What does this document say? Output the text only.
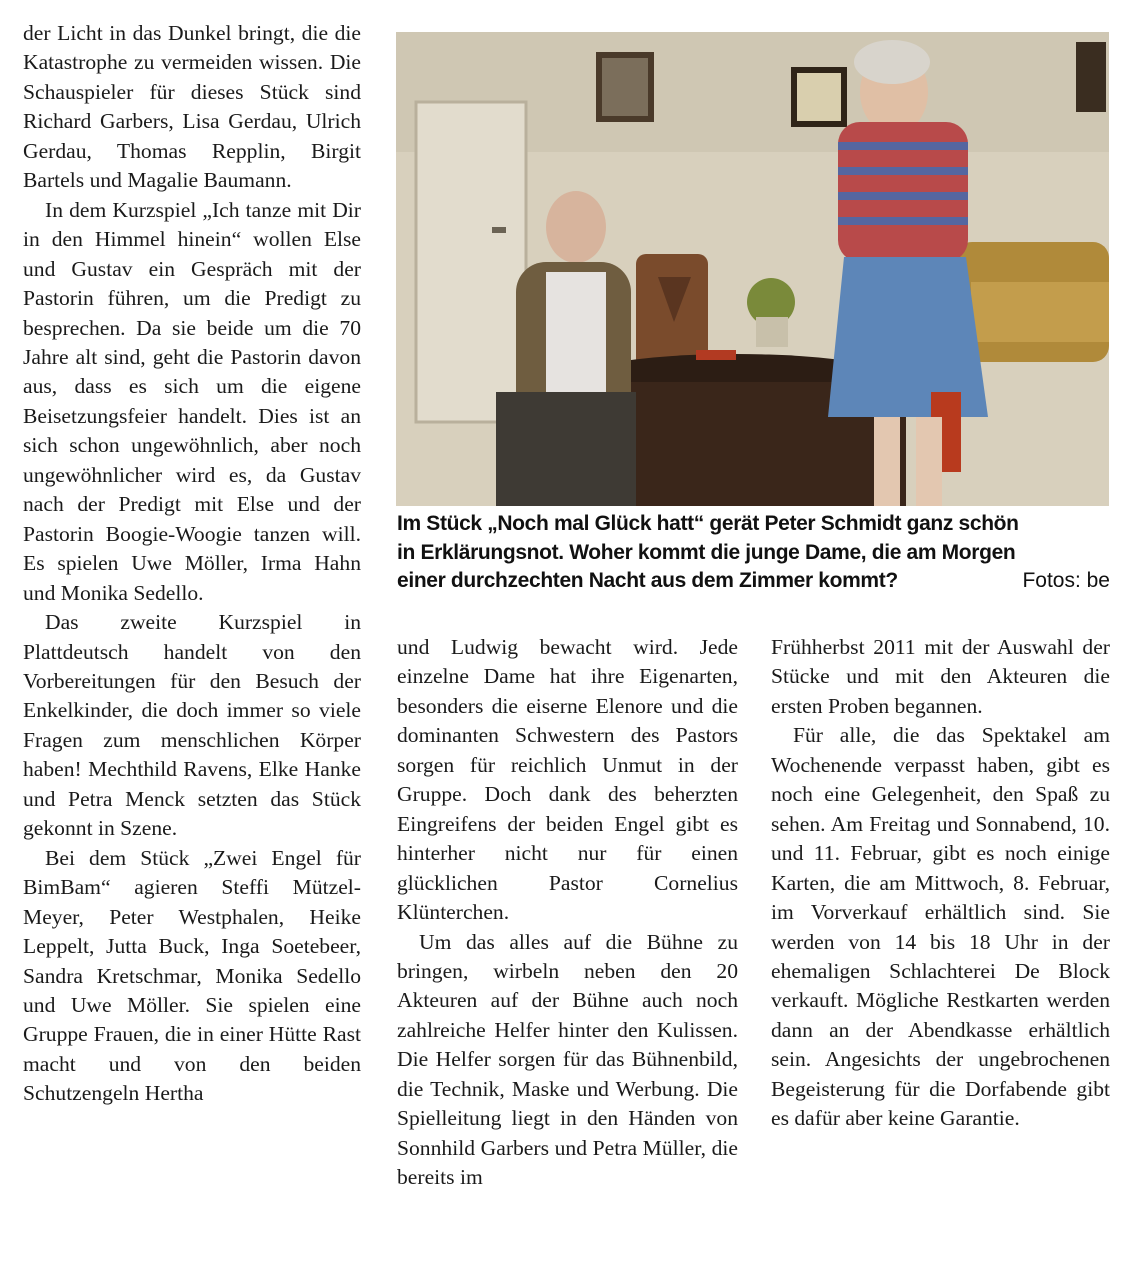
der Licht in das Dunkel bringt, die die Katastrophe zu vermeiden wissen. Die Schauspieler für dieses Stück sind Richard Garbers, Lisa Gerdau, Ulrich Gerdau, Thomas Repplin, Birgit Bartels und Magalie Baumann.

In dem Kurzspiel „Ich tanze mit Dir in den Himmel hinein“ wollen Else und Gustav ein Gespräch mit der Pastorin führen, um die Predigt zu besprechen. Da sie beide um die 70 Jahre alt sind, geht die Pastorin davon aus, dass es sich um die eigene Beisetzungsfeier handelt. Dies ist an sich schon ungewöhnlich, aber noch ungewöhnlicher wird es, da Gustav nach der Predigt mit Else und der Pastorin Boogie-Woogie tanzen will. Es spielen Uwe Möller, Irma Hahn und Monika Sedello.

Das zweite Kurzspiel in Plattdeutsch handelt von den Vorbereitungen für den Besuch der Enkelkinder, die doch immer so viele Fragen zum menschlichen Körper haben! Mechthild Ravens, Elke Hanke und Petra Menck setzten das Stück gekonnt in Szene.

Bei dem Stück „Zwei Engel für BimBam“ agieren Steffi Mützel-Meyer, Peter Westphalen, Heike Leppelt, Jutta Buck, Inga Soetebeer, Sandra Kretschmar, Monika Sedello und Uwe Möller. Sie spielen eine Gruppe Frauen, die in einer Hütte Rast macht und von den beiden Schutzengeln Hertha

Im Stück „Noch mal Glück hatt“ gerät Peter Schmidt ganz schön
in Erklärungsnot. Woher kommt die junge Dame, die am Morgen
einer durchzechten Nacht aus dem Zimmer kommt?	Fotos: be

und Ludwig bewacht wird. Jede einzelne Dame hat ihre Eigenarten, besonders die eiserne Elenore und die dominanten Schwestern des Pastors sorgen für reichlich Unmut in der Gruppe. Doch dank des beherzten Eingreifens der beiden Engel gibt es hinterher nicht nur für einen glücklichen Pastor Cornelius Klünterchen.

Um das alles auf die Bühne zu bringen, wirbeln neben den 20 Akteuren auf der Bühne auch noch zahlreiche Helfer hinter den Kulissen. Die Helfer sorgen für das Bühnenbild, die Technik, Maske und Werbung. Die Spielleitung liegt in den Händen von Sonnhild Garbers und Petra Müller, die bereits im

Frühherbst 2011 mit der Auswahl der Stücke und mit den Akteuren die ersten Proben begannen.

Für alle, die das Spektakel am Wochenende verpasst haben, gibt es noch eine Gelegenheit, den Spaß zu sehen. Am Freitag und Sonnabend, 10. und 11. Februar, gibt es noch einige Karten, die am Mittwoch, 8. Februar, im Vorverkauf erhältlich sind. Sie werden von 14 bis 18 Uhr in der ehemaligen Schlachterei De Block verkauft. Mögliche Restkarten werden dann an der Abendkasse erhältlich sein. Angesichts der ungebrochenen Begeisterung für die Dorfabende gibt es dafür aber keine Garantie.
